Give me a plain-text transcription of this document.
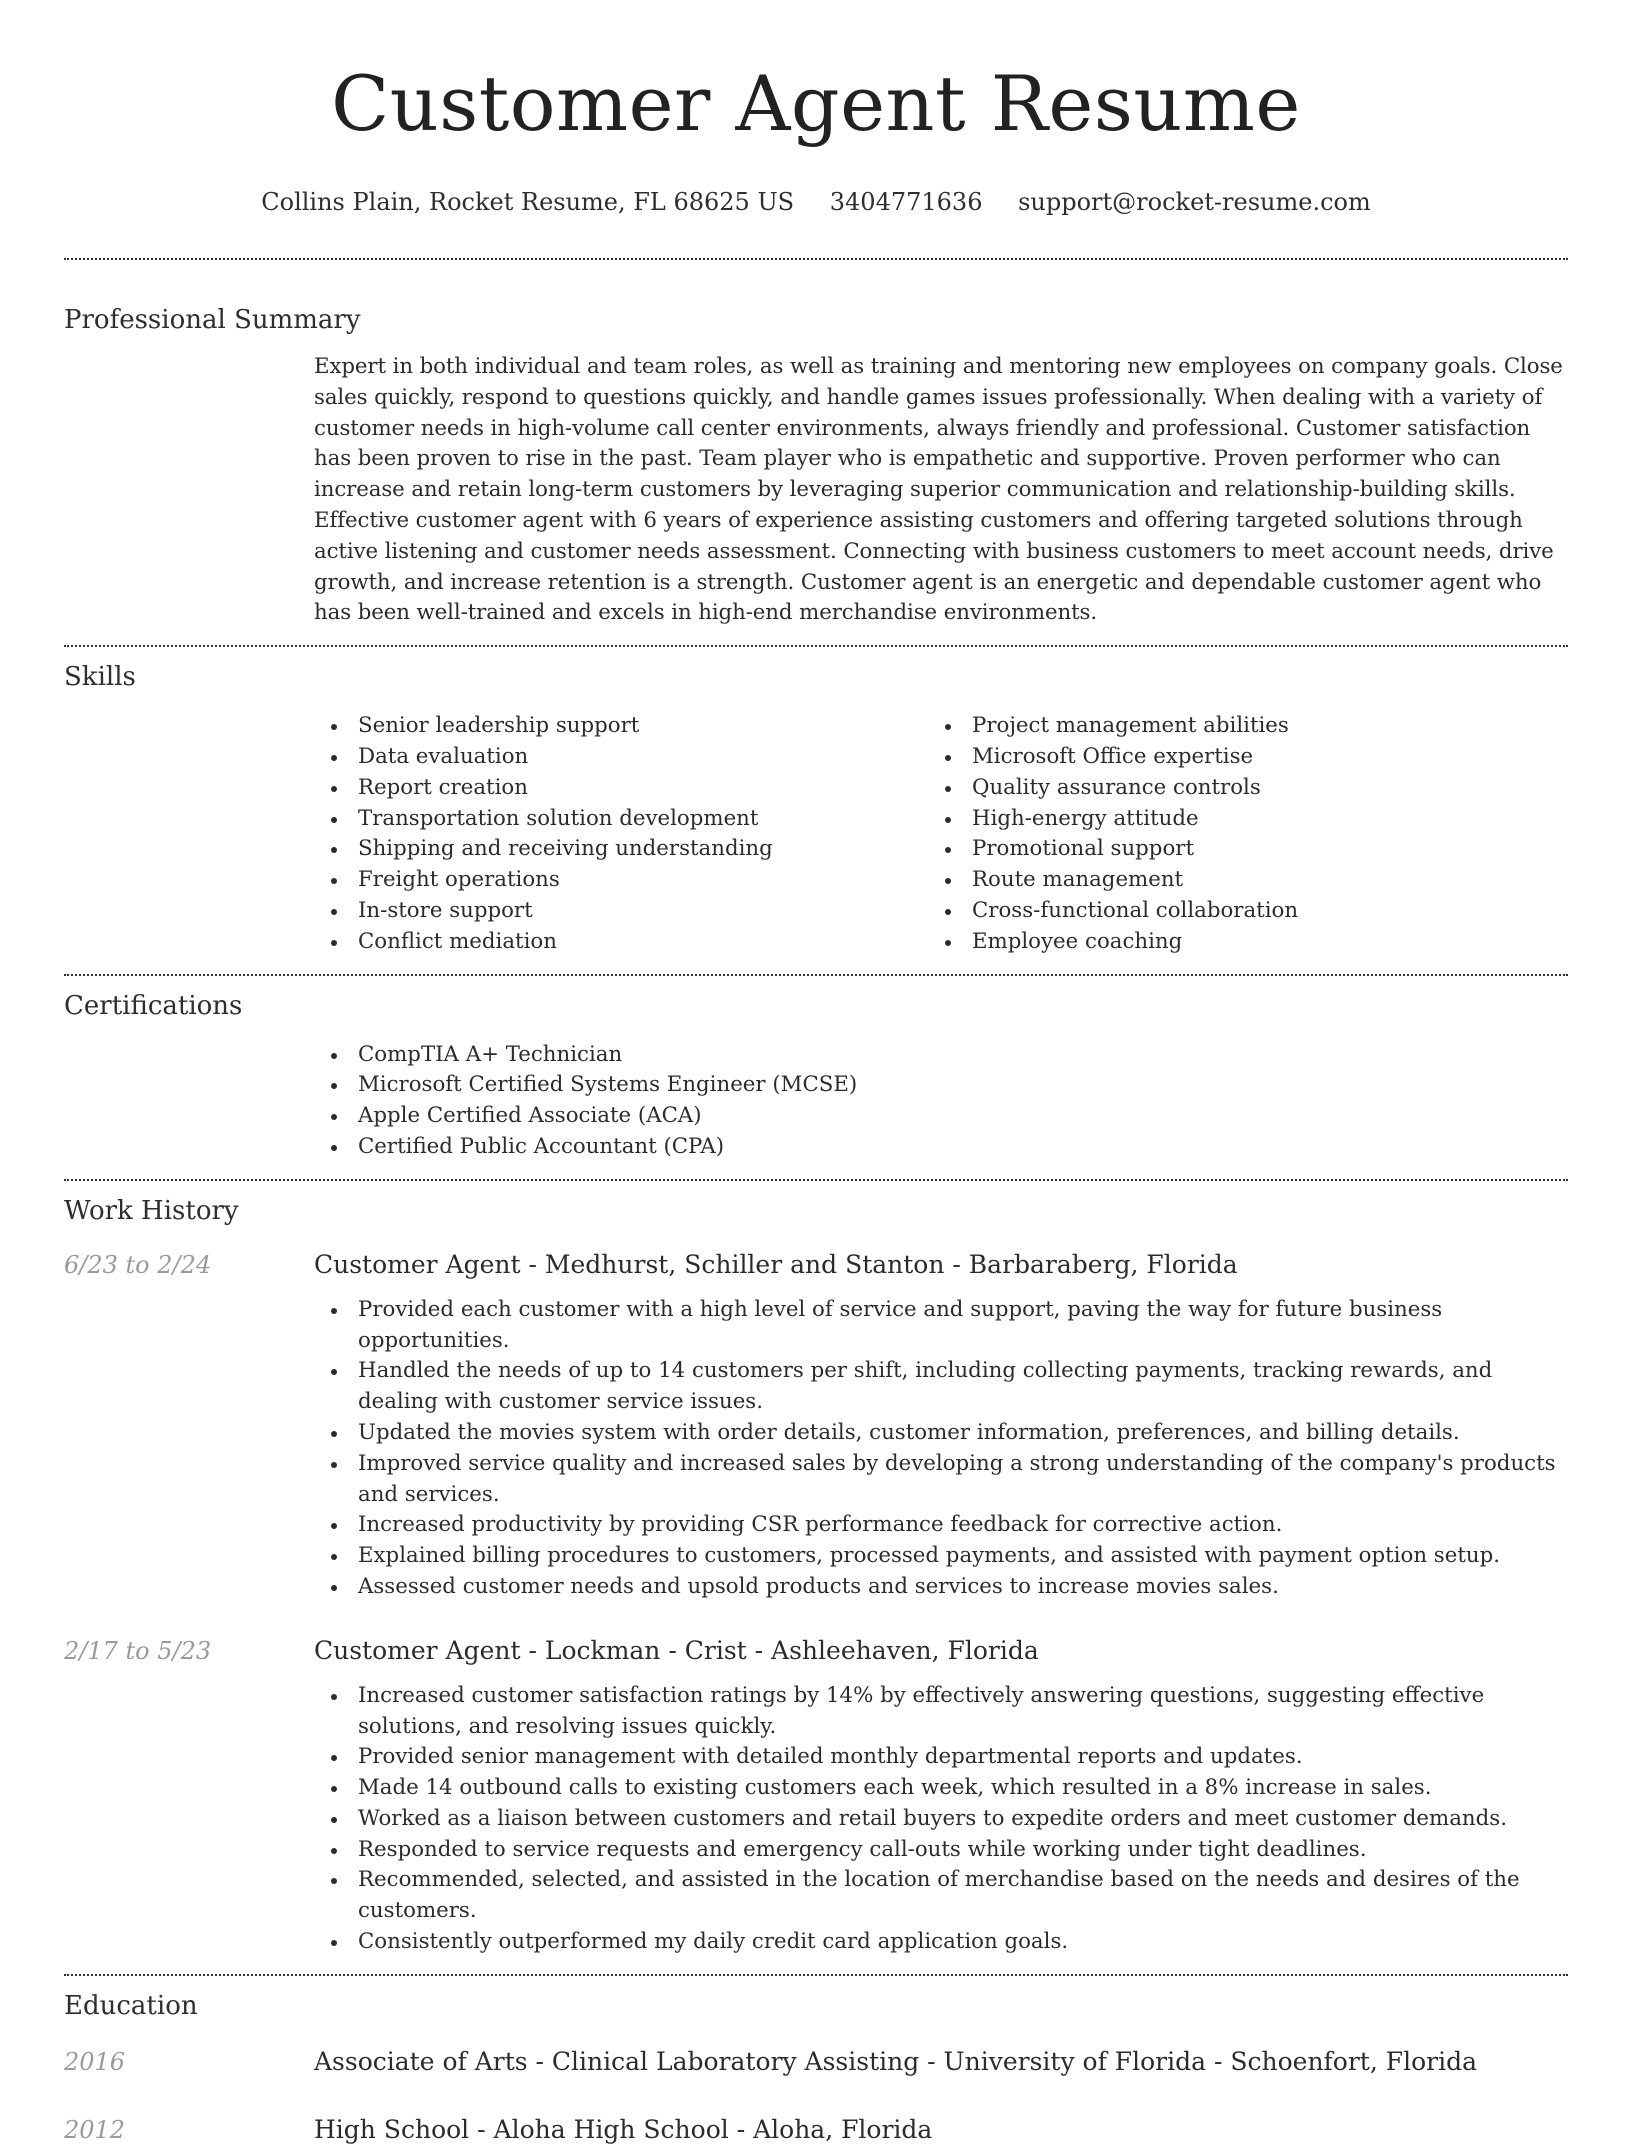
Customer Agent Resume
Collins Plain, Rocket Resume, FL 68625 US 3404771636 support@rocket-resume.com
Professional Summary

Expert in both individual and team roles, as well as training and mentoring new employees on company goals. Close sales quickly, respond to questions quickly, and handle games issues professionally. When dealing with a variety of customer needs in high-volume call center environments, always friendly and professional. Customer satisfaction has been proven to rise in the past. Team player who is empathetic and supportive. Proven performer who can increase and retain long-term customers by leveraging superior communication and relationship-building skills. Effective customer agent with 6 years of experience assisting customers and offering targeted solutions through active listening and customer needs assessment. Connecting with business customers to meet account needs, drive growth, and increase retention is a strength. Customer agent is an energetic and dependable customer agent who has been well-trained and excels in high-end merchandise environments.

Skills
Senior leadership support
Data evaluation
Report creation
Transportation solution development
Shipping and receiving understanding
Freight operations
In-store support
Conflict mediation
Project management abilities
Microsoft Office expertise
Quality assurance controls
High-energy attitude
Promotional support
Route management
Cross-functional collaboration
Employee coaching
Certifications
CompTIA A+ Technician
Microsoft Certified Systems Engineer (MCSE)
Apple Certified Associate (ACA)
Certified Public Accountant (CPA)
Work History
6/23 to 2/24	Customer Agent - Medhurst, Schiller and Stanton - Barbaraberg, Florida
Provided each customer with a high level of service and support, paving the way for future business opportunities.
Handled the needs of up to 14 customers per shift, including collecting payments, tracking rewards, and dealing with customer service issues.
Updated the movies system with order details, customer information, preferences, and billing details.
Improved service quality and increased sales by developing a strong understanding of the company's products and services.
Increased productivity by providing CSR performance feedback for corrective action.
Explained billing procedures to customers, processed payments, and assisted with payment option setup.
Assessed customer needs and upsold products and services to increase movies sales.
2/17 to 5/23	Customer Agent - Lockman - Crist - Ashleehaven, Florida
Increased customer satisfaction ratings by 14% by effectively answering questions, suggesting effective solutions, and resolving issues quickly.
Provided senior management with detailed monthly departmental reports and updates.
Made 14 outbound calls to existing customers each week, which resulted in a 8% increase in sales.
Worked as a liaison between customers and retail buyers to expedite orders and meet customer demands.
Responded to service requests and emergency call-outs while working under tight deadlines.
Recommended, selected, and assisted in the location of merchandise based on the needs and desires of the customers.
Consistently outperformed my daily credit card application goals.
Education
2016	Associate of Arts - Clinical Laboratory Assisting - University of Florida - Schoenfort, Florida
2012	High School - Aloha High School - Aloha, Florida
